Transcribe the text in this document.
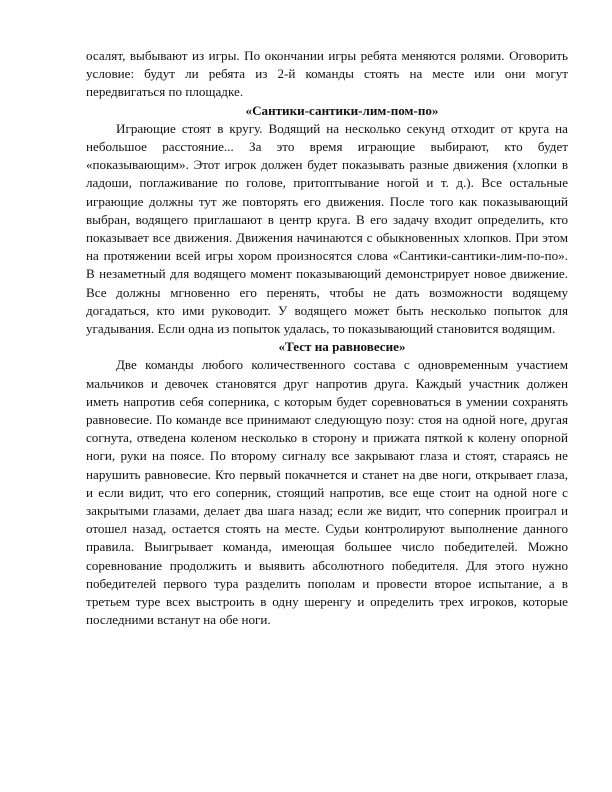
осалят, выбывают из игры. По окончании игры ребята меняются ролями. Оговорить условие: будут ли ребята из 2-й команды стоять на месте или они могут передвигаться по площадке.

«Сантики-сантики-лим-пом-по»

Играющие стоят в кругу. Водящий на несколько секунд отходит от круга на небольшое расстояние... За это время играющие выбирают, кто будет «показывающим». Этот игрок должен будет показывать разные движения (хлопки в ладоши, поглаживание по голове, притоптывание ногой и т. д.). Все остальные играющие должны тут же повторять его движения. После того как показывающий выбран, водящего приглашают в центр круга. В его задачу входит определить, кто показывает все движения. Движения начинаются с обыкновенных хлопков. При этом на протяжении всей игры хором произносятся слова «Сантики-сантики-лим-по-по». В незаметный для водящего момент показывающий демонстрирует новое движение. Все должны мгновенно его перенять, чтобы не дать возможности водящему догадаться, кто ими руководит. У водящего может быть несколько попыток для угадывания. Если одна из попыток удалась, то показывающий становится водящим.

«Тест на равновесие»

Две команды любого количественного состава с одновременным участием мальчиков и девочек становятся друг напротив друга. Каждый участник должен иметь напротив себя соперника, с которым будет соревноваться в умении сохранять равновесие. По команде все принимают следующую позу: стоя на одной ноге, другая согнута, отведена коленом несколько в сторону и прижата пяткой к колену опорной ноги, руки на поясе. По второму сигналу все закрывают глаза и стоят, стараясь не нарушить равновесие. Кто первый покачнется и станет на две ноги, открывает глаза, и если видит, что его соперник, стоящий напротив, все еще стоит на одной ноге с закрытыми глазами, делает два шага назад; если же видит, что соперник проиграл и отошел назад, остается стоять на месте. Судьи контролируют выполнение данного правила. Выигрывает команда, имеющая большее число победителей. Можно соревнование продолжить и выявить абсолютного победителя. Для этого нужно победителей первого тура разделить пополам и провести второе испытание, а в третьем туре всех выстроить в одну шеренгу и определить трех игроков, которые последними встанут на обе ноги.
